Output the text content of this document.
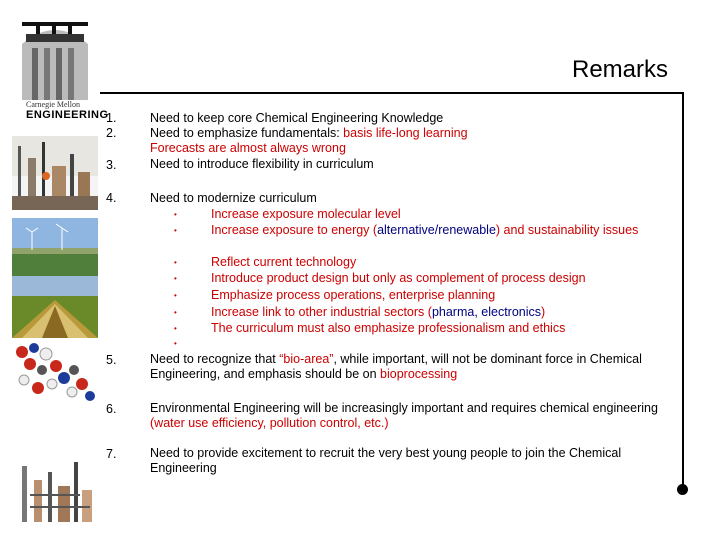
Carnegie Mellon
ENGINEERING
Remarks
1.	Need to keep core Chemical Engineering Knowledge
2.	Need to emphasize fundamentals: basis life-long learning
Forecasts are almost always wrong
3.	Need to introduce flexibility in curriculum
4.	Need to modernize curriculum
•	Increase exposure molecular level
•	Increase exposure to energy (alternative/renewable) and sustainability issues
•	Reflect current technology
•	Introduce product design but only as complement of process design
•	Emphasize process operations, enterprise planning
•	Increase link to other industrial sectors (pharma, electronics)
•	The curriculum must also emphasize professionalism and ethics
•
5.	Need to recognize that “bio-area”, while important, will not be dominant force in Chemical Engineering, and emphasis should be on bioprocessing
6.	Environmental Engineering will be increasingly important and requires chemical engineering (water use efficiency, pollution control, etc.)
7.	Need to provide excitement to recruit the very best young people to join the Chemical Engineering
